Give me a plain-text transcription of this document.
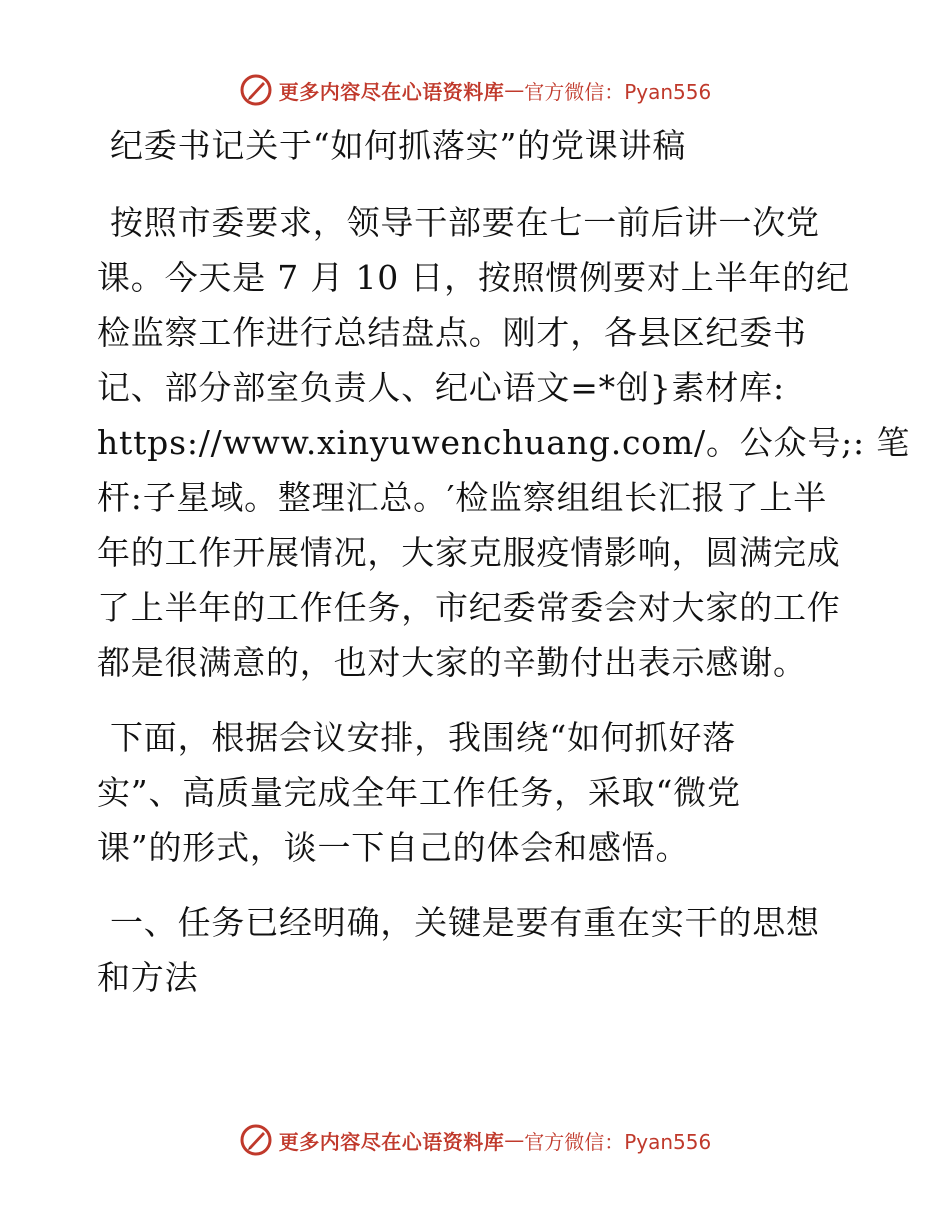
更多内容尽在心语资料库 — 官方微信：Pyan556
纪委书记关于“如何抓落实”的党课讲稿
按照市委要求，领导干部要在七一前后讲一次党
课。今天是 7 月 10 日，按照惯例要对上半年的纪
检监察工作进行总结盘点。刚才，各县区纪委书
记、部分部室负责人、纪心语文=*创}素材库:
https://www.xinyuwenchuang.com/。公众号;: 笔
杆:子星域。整理汇总。′检监察组组长汇报了上半
年的工作开展情况，大家克服疫情影响，圆满完成
了上半年的工作任务，市纪委常委会对大家的工作
都是很满意的，也对大家的辛勤付出表示感谢。
下面，根据会议安排，我围绕“如何抓好落
实”、高质量完成全年工作任务，采取“微党
课”的形式，谈一下自己的体会和感悟。
一、任务已经明确，关键是要有重在实干的思想
和方法
更多内容尽在心语资料库 — 官方微信：Pyan556
